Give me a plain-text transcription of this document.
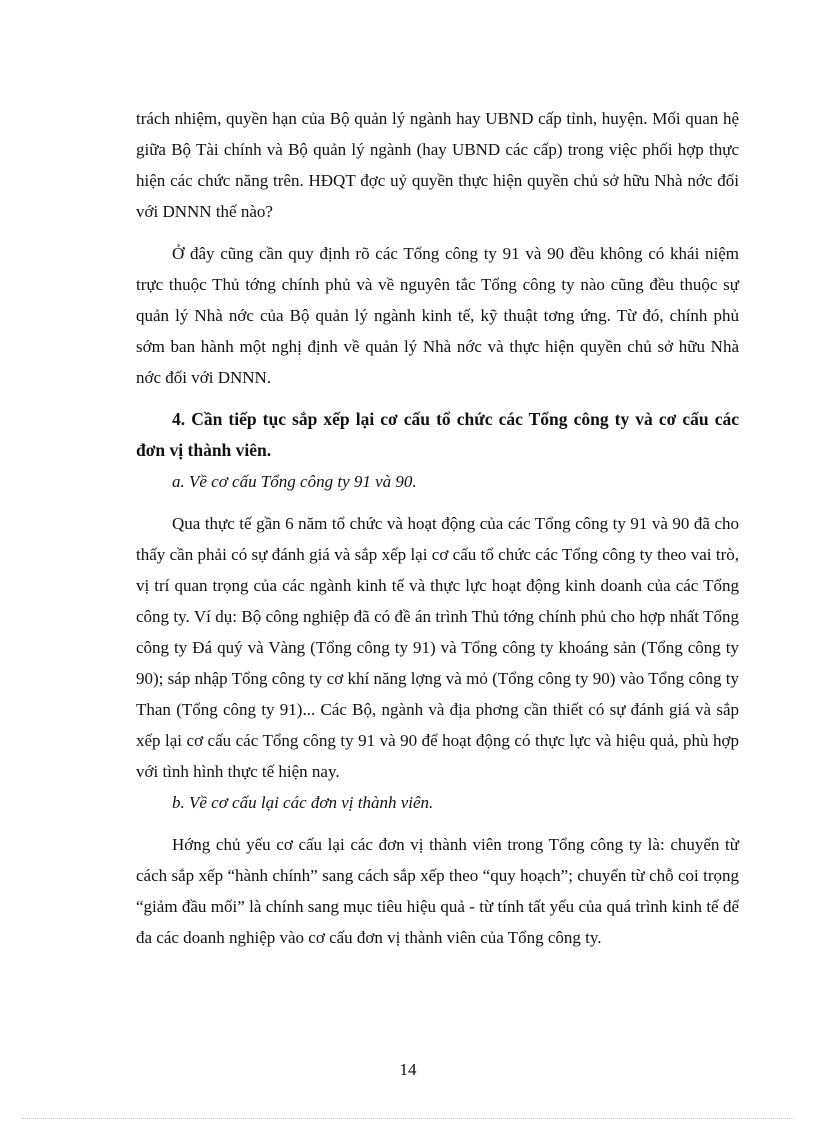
trách nhiệm, quyền hạn của Bộ quản lý ngành hay UBND cấp tỉnh, huyện. Mối quan hệ giữa Bộ Tài chính và Bộ quản lý ngành (hay UBND các cấp) trong việc phối hợp thực hiện các chức năng trên. HĐQT đợc uỷ quyền thực hiện quyền chủ sở hữu Nhà nớc đối với DNNN thế nào?

Ở đây cũng cần quy định rõ các Tổng công ty 91 và 90 đều không có khái niệm trực thuộc Thủ tớng chính phủ và về nguyên tắc Tổng công ty nào cũng đều thuộc sự quản lý Nhà nớc của Bộ quản lý ngành kinh tế, kỹ thuật tơng ứng. Từ đó, chính phủ sớm ban hành một nghị định về quản lý Nhà nớc và thực hiện quyền chủ sở hữu Nhà nớc đối với DNNN.

4. Cần tiếp tục sắp xếp lại cơ cấu tổ chức các Tổng công ty và cơ cấu các đơn vị thành viên.

a. Về cơ cấu Tổng công ty 91 và 90.

Qua thực tế gần 6 năm tổ chức và hoạt động của các Tổng công ty 91 và 90 đã cho thấy cần phải có sự đánh giá và sắp xếp lại cơ cấu tổ chức các Tổng công ty theo vai trò, vị trí quan trọng của các ngành kinh tế và thực lực hoạt động kinh doanh của các Tổng công ty. Ví dụ: Bộ công nghiệp đã có đề án trình Thủ tớng chính phủ cho hợp nhất Tổng công ty Đá quý và Vàng (Tổng công ty 91) và Tổng công ty khoáng sản (Tổng công ty 90); sáp nhập Tổng công ty cơ khí năng lợng và mỏ (Tổng công ty 90) vào Tổng công ty Than (Tổng công ty 91)... Các Bộ, ngành và địa phơng cần thiết có sự đánh giá và sắp xếp lại cơ cấu các Tổng công ty 91 và 90 để hoạt động có thực lực và hiệu quả, phù hợp với tình hình thực tế hiện nay.

b. Về cơ cấu lại các đơn vị thành viên.

Hớng chủ yếu cơ cấu lại các đơn vị thành viên trong Tổng công ty là: chuyển từ cách sắp xếp “hành chính” sang cách sắp xếp theo “quy hoạch”; chuyển từ chỗ coi trọng “giảm đầu mối” là chính sang mục tiêu hiệu quả - từ tính tất yếu của quá trình kinh tế để đa các doanh nghiệp vào cơ cấu đơn vị thành viên của Tổng công ty.

14
